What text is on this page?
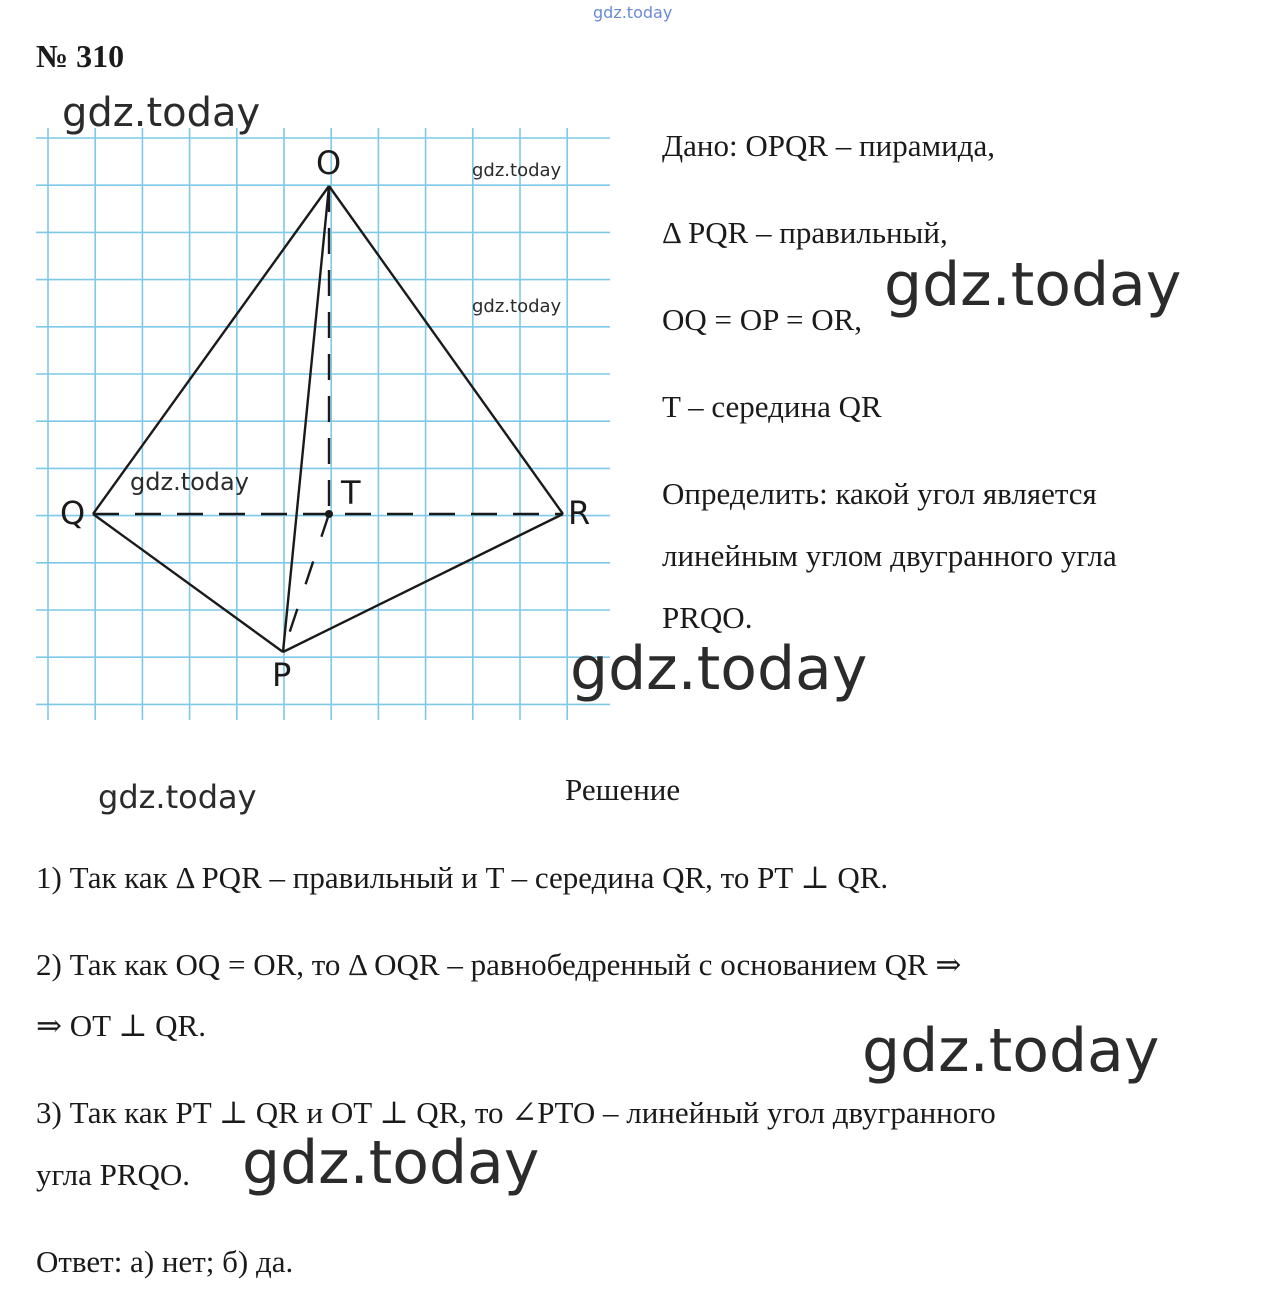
gdz.today
№ 310
O
Q	R
T
P
gdz.today
gdz.today
gdz.today
gdz.today
Дано: OPQR – пирамида,
Δ PQR – правильный,
OQ = OP = OR,
T – середина QR
Определить: какой угол является
линейным углом двугранного угла
PRQO.
gdz.today
gdz.today
gdz.today	Решение
1) Так как Δ PQR – правильный и T – середина QR, то PT ⊥ QR.
2) Так как OQ = OR, то Δ OQR – равнобедренный с основанием QR ⇒
⇒ OT ⊥ QR.	gdz.today
3) Так как PT ⊥ QR и OT ⊥ QR, то ∠PTO – линейный угол двугранного
угла PRQO. gdz.today
Ответ: а) нет; б) да.
